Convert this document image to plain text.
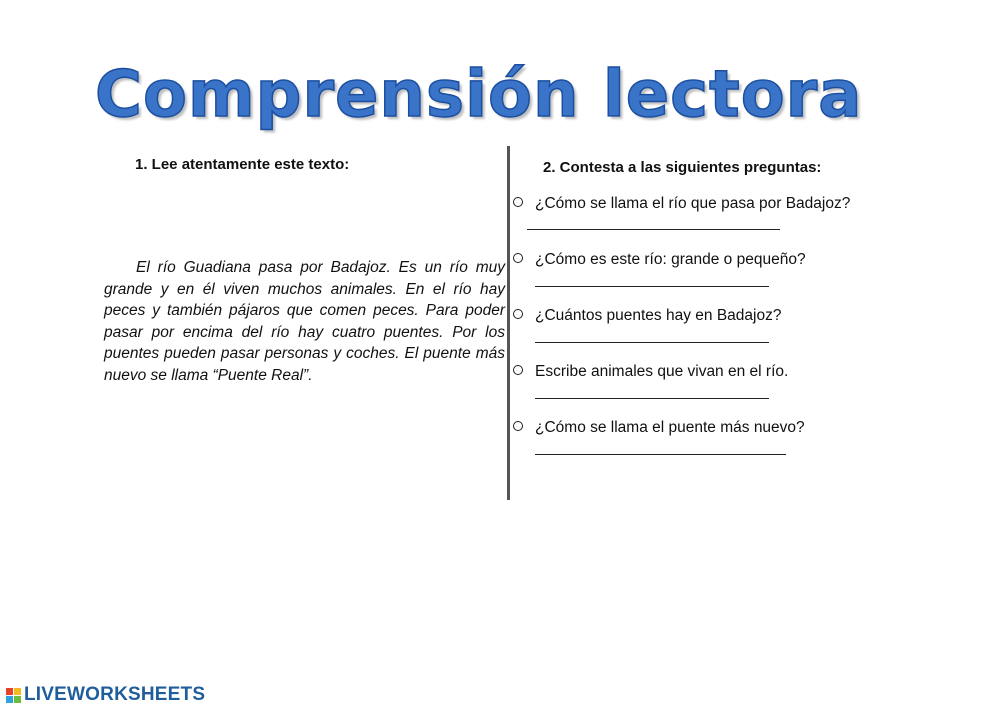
Comprensión lectora
1. Lee atentamente este texto:
El río Guadiana pasa por Badajoz. Es un río muy grande y en él viven muchos animales. En el río hay peces y también pájaros que comen peces. Para poder pasar por encima del río hay cuatro puentes. Por los puentes pueden pasar personas y coches. El puente más nuevo se llama “Puente Real”.
2. Contesta a las siguientes preguntas:
¿Cómo se llama el río que pasa por Badajoz?
¿Cómo es este río: grande o pequeño?
¿Cuántos puentes hay en Badajoz?
Escribe animales que vivan en el río.
¿Cómo se llama el puente más nuevo?
LIVEWORKSHEETS
